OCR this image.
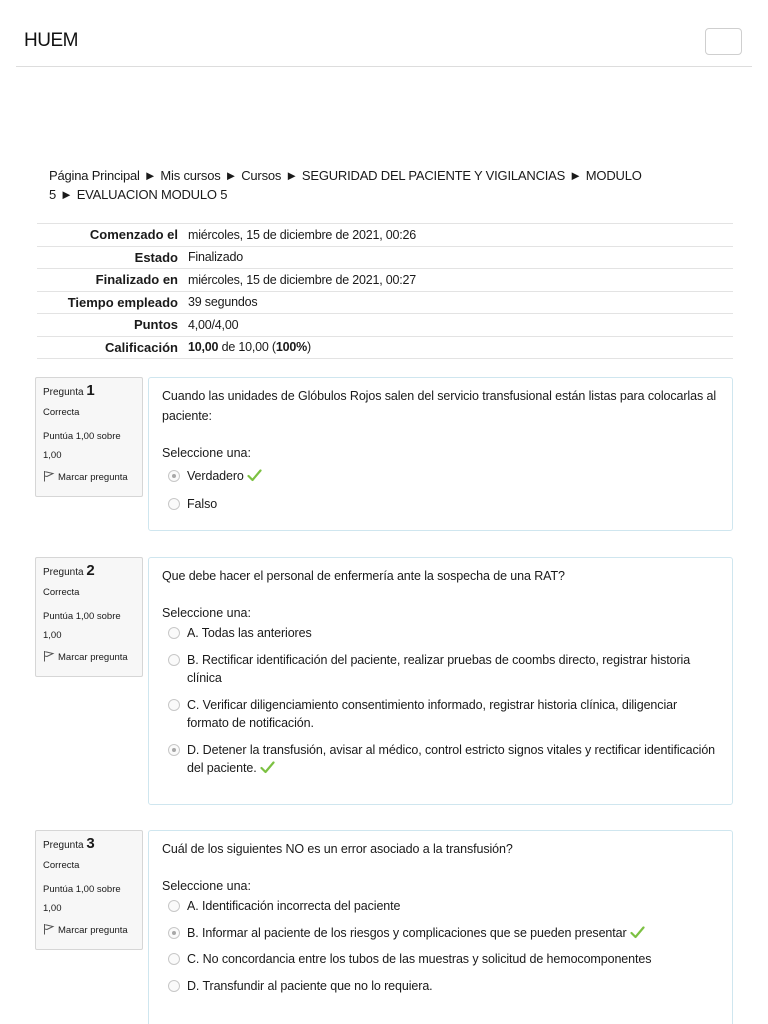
HUEM
Página Principal ► Mis cursos ► Cursos ► SEGURIDAD DEL PACIENTE Y VIGILANCIAS ► MODULO 5 ► EVALUACION MODULO 5
Comenzado el	miércoles, 15 de diciembre de 2021, 00:26
Estado	Finalizado
Finalizado en	miércoles, 15 de diciembre de 2021, 00:27
Tiempo empleado	39 segundos
Puntos	4,00/4,00
Calificación	10,00 de 10,00 (100%)
Pregunta 1
Correcta
Puntúa 1,00 sobre 1,00
Marcar pregunta
Cuando las unidades de Glóbulos Rojos salen del servicio transfusional están listas para colocarlas al paciente:
Seleccione una:
Verdadero
Falso
Pregunta 2
Correcta
Puntúa 1,00 sobre 1,00
Marcar pregunta
Que debe hacer el personal de enfermería ante la sospecha de una RAT?
Seleccione una:
A. Todas las anteriores
B. Rectificar identificación del paciente, realizar pruebas de coombs directo, registrar historia clínica
C. Verificar diligenciamiento consentimiento informado, registrar historia clínica, diligenciar formato de notificación.
D. Detener la transfusión, avisar al médico, control estricto signos vitales y rectificar identificación del paciente.
Pregunta 3
Correcta
Puntúa 1,00 sobre 1,00
Marcar pregunta
Cuál de los siguientes NO es un error asociado a la transfusión?
Seleccione una:
A. Identificación incorrecta del paciente
B. Informar al paciente de los riesgos y complicaciones que se pueden presentar
C. No concordancia entre los tubos de las muestras y solicitud de hemocomponentes
D. Transfundir al paciente que no lo requiera.
